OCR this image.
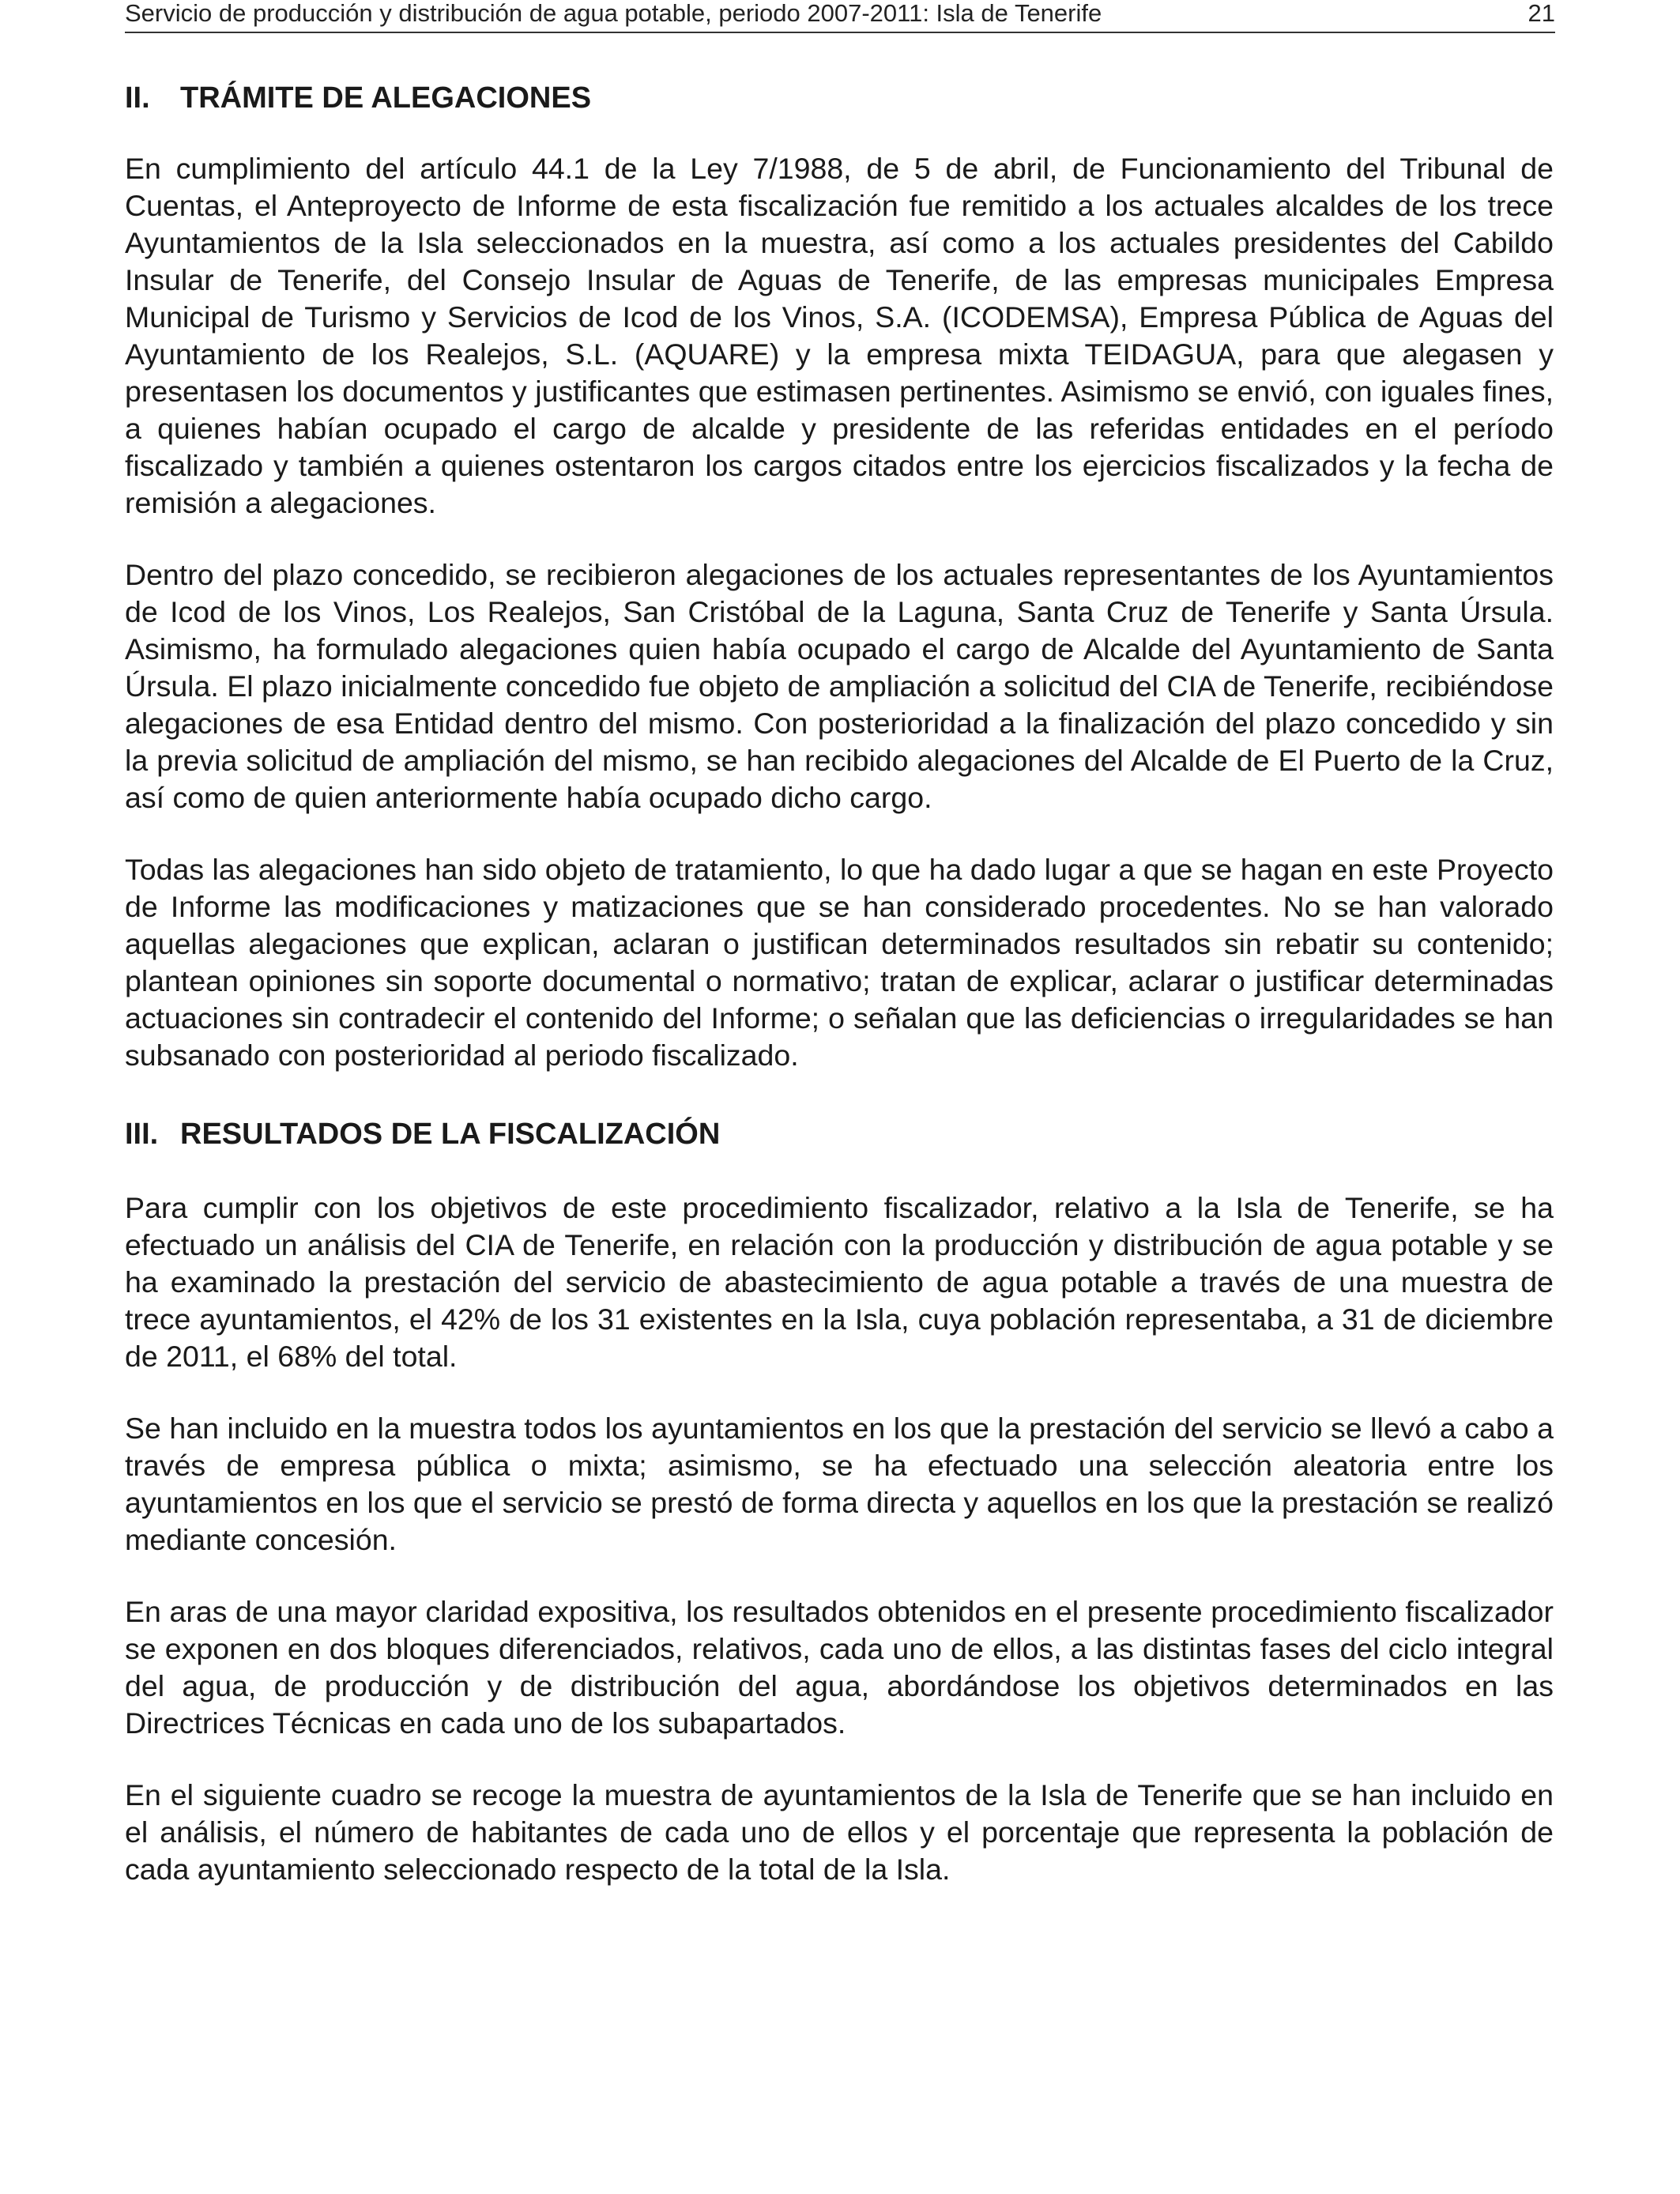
Servicio de producción y distribución de agua potable, periodo 2007-2011: Isla de Tenerife	21
II. TRÁMITE DE ALEGACIONES

En cumplimiento del artículo 44.1 de la Ley 7/1988, de 5 de abril, de Funcionamiento del Tribunal de Cuentas, el Anteproyecto de Informe de esta fiscalización fue remitido a los actuales alcaldes de los trece Ayuntamientos de la Isla seleccionados en la muestra, así como a los actuales presidentes del Cabildo Insular de Tenerife, del Consejo Insular de Aguas de Tenerife, de las empresas municipales Empresa Municipal de Turismo y Servicios de Icod de los Vinos, S.A. (ICODEMSA), Empresa Pública de Aguas del Ayuntamiento de los Realejos, S.L. (AQUARE) y la empresa mixta TEIDAGUA, para que alegasen y presentasen los documentos y justificantes que estimasen pertinentes. Asimismo se envió, con iguales fines, a quienes habían ocupado el cargo de alcalde y presidente de las referidas entidades en el período fiscalizado y también a quienes ostentaron los cargos citados entre los ejercicios fiscalizados y la fecha de remisión a alegaciones.

Dentro del plazo concedido, se recibieron alegaciones de los actuales representantes de los Ayuntamientos de Icod de los Vinos, Los Realejos, San Cristóbal de la Laguna, Santa Cruz de Tenerife y Santa Úrsula. Asimismo, ha formulado alegaciones quien había ocupado el cargo de Alcalde del Ayuntamiento de Santa Úrsula. El plazo inicialmente concedido fue objeto de ampliación a solicitud del CIA de Tenerife, recibiéndose alegaciones de esa Entidad dentro del mismo. Con posterioridad a la finalización del plazo concedido y sin la previa solicitud de ampliación del mismo, se han recibido alegaciones del Alcalde de El Puerto de la Cruz, así como de quien anteriormente había ocupado dicho cargo.

Todas las alegaciones han sido objeto de tratamiento, lo que ha dado lugar a que se hagan en este Proyecto de Informe las modificaciones y matizaciones que se han considerado procedentes. No se han valorado aquellas alegaciones que explican, aclaran o justifican determinados resultados sin rebatir su contenido; plantean opiniones sin soporte documental o normativo; tratan de explicar, aclarar o justificar determinadas actuaciones sin contradecir el contenido del Informe; o señalan que las deficiencias o irregularidades se han subsanado con posterioridad al periodo fiscalizado.

III. RESULTADOS DE LA FISCALIZACIÓN

Para cumplir con los objetivos de este procedimiento fiscalizador, relativo a la Isla de Tenerife, se ha efectuado un análisis del CIA de Tenerife, en relación con la producción y distribución de agua potable y se ha examinado la prestación del servicio de abastecimiento de agua potable a través de una muestra de trece ayuntamientos, el 42% de los 31 existentes en la Isla, cuya población representaba, a 31 de diciembre de 2011, el 68% del total.

Se han incluido en la muestra todos los ayuntamientos en los que la prestación del servicio se llevó a cabo a través de empresa pública o mixta; asimismo, se ha efectuado una selección aleatoria entre los ayuntamientos en los que el servicio se prestó de forma directa y aquellos en los que la prestación se realizó mediante concesión.

En aras de una mayor claridad expositiva, los resultados obtenidos en el presente procedimiento fiscalizador se exponen en dos bloques diferenciados, relativos, cada uno de ellos, a las distintas fases del ciclo integral del agua, de producción y de distribución del agua, abordándose los objetivos determinados en las Directrices Técnicas en cada uno de los subapartados.

En el siguiente cuadro se recoge la muestra de ayuntamientos de la Isla de Tenerife que se han incluido en el análisis, el número de habitantes de cada uno de ellos y el porcentaje que representa la población de cada ayuntamiento seleccionado respecto de la total de la Isla.
